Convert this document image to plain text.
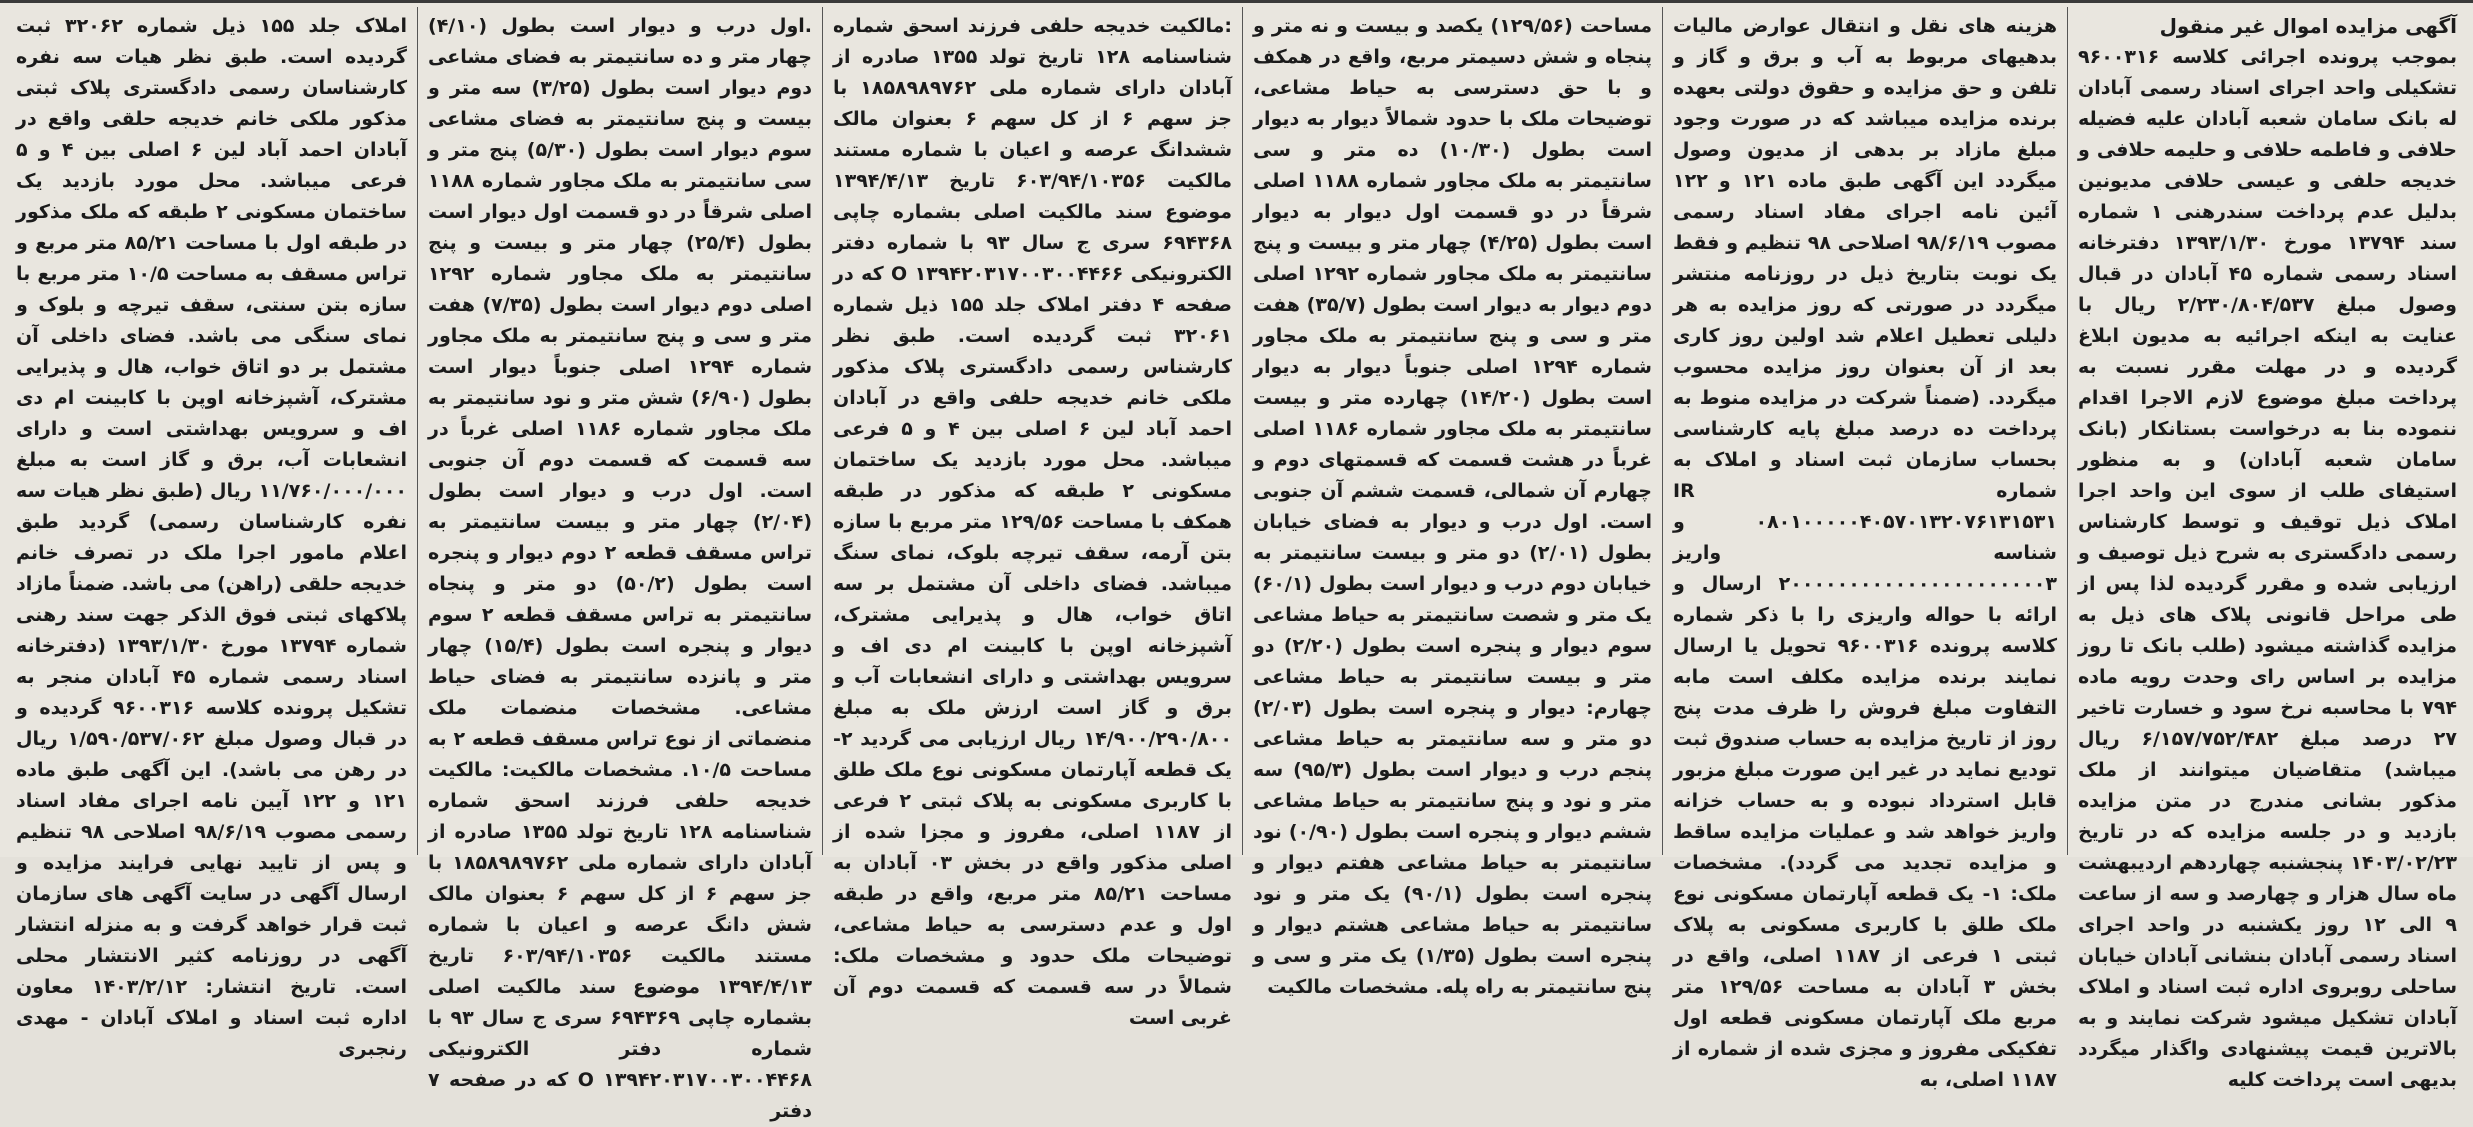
آگهی مزایده اموال غیر منقول
بموجب پرونده اجرائی کلاسه ۹۶۰۰۳۱۶ تشکیلی واحد اجرای اسناد رسمی آبادان له بانک سامان شعبه آبادان علیه فضیله حلافی و فاطمه حلافی و حلیمه حلافی و خدیجه حلفی و عیسی حلافی مدیونین بدلیل عدم پرداخت سندرهنی ۱ شماره سند ۱۳۷۹۴ مورخ ۱۳۹۳/۱/۳۰ دفترخانه اسناد رسمی شماره ۴۵ آبادان در قبال وصول مبلغ ۲/۲۳۰/۸۰۴/۵۳۷ ریال با عنایت به اینکه اجرائیه به مدیون ابلاغ گردیده و در مهلت مقرر نسبت به پرداخت مبلغ موضوع لازم الاجرا اقدام ننموده بنا به درخواست بستانکار (بانک سامان شعبه آبادان) و به منظور استیفای طلب از سوی این واحد اجرا املاک ذیل توقیف و توسط کارشناس رسمی دادگستری به شرح ذیل توصیف و ارزیابی شده و مقرر گردیده لذا پس از طی مراحل قانونی پلاک های ذیل به مزایده گذاشته میشود (طلب بانک تا روز مزایده بر اساس رای وحدت رویه ماده ۷۹۴ با محاسبه نرخ سود و خسارت تاخیر ۲۷ درصد مبلغ ۶/۱۵۷/۷۵۲/۴۸۲ ریال میباشد) متقاضیان میتوانند از ملک مذکور بشانی مندرج در متن مزایده بازدید و در جلسه مزایده که در تاریخ ۱۴۰۳/۰۲/۲۳ پنجشنبه چهاردهم اردیبهشت ماه سال هزار و چهارصد و سه از ساعت ۹ الی ۱۲ روز یکشنبه در واحد اجرای اسناد رسمی آبادان بنشانی آبادان خیابان ساحلی روبروی اداره ثبت اسناد و املاک آبادان تشکیل میشود شرکت نمایند و به بالاترین قیمت پیشنهادی واگذار میگردد بدیهی است پرداخت کلیه
هزینه های نقل و انتقال عوارض مالیات بدهیهای مربوط به آب و برق و گاز و تلفن و حق مزایده و حقوق دولتی بعهده برنده مزایده میباشد که در صورت وجود مبلغ مازاد بر بدهی از مدیون وصول میگردد این آگهی طبق ماده ۱۲۱ و ۱۲۲ آئین نامه اجرای مفاد اسناد رسمی مصوب ۹۸/۶/۱۹ اصلاحی ۹۸ تنظیم و فقط یک نوبت بتاریخ ذیل در روزنامه منتشر میگردد در صورتی که روز مزایده به هر دلیلی تعطیل اعلام شد اولین روز کاری بعد از آن بعنوان روز مزایده محسوب میگردد. (ضمناً شرکت در مزایده منوط به پرداخت ده درصد مبلغ پایه کارشناسی بحساب سازمان ثبت اسناد و املاک به شماره IR ۰۸۰۱۰۰۰۰۰۴۰۵۷۰۱۳۲۰۷۶۱۳۱۵۳۱ و شناسه واریز ۲۰۰۰۰۰۰۰۰۰۰۰۰۰۰۰۰۰۰۰۰۰۰۳ ارسال و ارائه با حواله واریزی را با ذکر شماره کلاسه پرونده ۹۶۰۰۳۱۶ تحویل یا ارسال نمایند برنده مزایده مکلف است مابه التفاوت مبلغ فروش را ظرف مدت پنج روز از تاریخ مزایده به حساب صندوق ثبت تودیع نماید در غیر این صورت مبلغ مزبور قابل استرداد نبوده و به حساب خزانه واریز خواهد شد و عملیات مزایده ساقط و مزایده تجدید می گردد). مشخصات ملک: ۱- یک قطعه آپارتمان مسکونی نوع ملک طلق با کاربری مسکونی به پلاک ثبتی ۱ فرعی از ۱۱۸۷ اصلی، واقع در بخش ۳ آبادان به مساحت ۱۲۹/۵۶ متر مربع ملک آپارتمان مسکونی قطعه اول تفکیکی مفروز و مجزی شده از شماره از ۱۱۸۷ اصلی، به
مساحت (۱۲۹/۵۶) یکصد و بیست و نه متر و پنجاه و شش دسیمتر مربع، واقع در همکف و با حق دسترسی به حیاط مشاعی، توضیحات ملک با حدود شمالاً دیوار به دیوار است بطول (۱۰/۳۰) ده متر و سی سانتیمتر به ملک مجاور شماره ۱۱۸۸ اصلی شرقاً در دو قسمت اول دیوار به دیوار است بطول (۴/۲۵) چهار متر و بیست و پنج سانتیمتر به ملک مجاور شماره ۱۲۹۲ اصلی دوم دیوار به دیوار است بطول (۳۵/۷) هفت متر و سی و پنج سانتیمتر به ملک مجاور شماره ۱۲۹۴ اصلی جنوباً دیوار به دیوار است بطول (۱۴/۲۰) چهارده متر و بیست سانتیمتر به ملک مجاور شماره ۱۱۸۶ اصلی غرباً در هشت قسمت که قسمتهای دوم و چهارم آن شمالی، قسمت ششم آن جنوبی است. اول درب و دیوار به فضای خیابان بطول (۲/۰۱) دو متر و بیست سانتیمتر به خیابان دوم درب و دیوار است بطول (۶۰/۱) یک متر و شصت سانتیمتر به حیاط مشاعی سوم دیوار و پنجره است بطول (۲/۲۰) دو متر و بیست سانتیمتر به حیاط مشاعی چهارم: دیوار و پنجره است بطول (۲/۰۳) دو متر و سه سانتیمتر به حیاط مشاعی پنجم درب و دیوار است بطول (۹۵/۳) سه متر و نود و پنج سانتیمتر به حیاط مشاعی ششم دیوار و پنجره است بطول (۰/۹۰) نود سانتیمتر به حیاط مشاعی هفتم دیوار و پنجره است بطول (۹۰/۱) یک متر و نود سانتیمتر به حیاط مشاعی هشتم دیوار و پنجره است بطول (۱/۳۵) یک متر و سی و پنج سانتیمتر به راه پله. مشخصات مالکیت
:مالکیت خدیجه حلفی فرزند اسحق شماره شناسنامه ۱۲۸ تاریخ تولد ۱۳۵۵ صادره از آبادان دارای شماره ملی ۱۸۵۸۹۸۹۷۶۲ با جز سهم ۶ از کل سهم ۶ بعنوان مالک ششدانگ عرصه و اعیان با شماره مستند مالکیت ۶۰۳/۹۴/۱۰۳۵۶ تاریخ ۱۳۹۴/۴/۱۳ موضوع سند مالکیت اصلی بشماره چاپی ۶۹۴۳۶۸ سری ج سال ۹۳ با شماره دفتر الکترونیکی ۱۳۹۴۲۰۳۱۷۰۰۳۰۰۴۴۶۶ O که در صفحه ۴ دفتر املاک جلد ۱۵۵ ذیل شماره ۳۲۰۶۱ ثبت گردیده است. طبق نظر کارشناس رسمی دادگستری پلاک مذکور ملکی خانم خدیجه حلفی واقع در آبادان احمد آباد لین ۶ اصلی بین ۴ و ۵ فرعی میباشد. محل مورد بازدید یک ساختمان مسکونی ۲ طبقه که مذکور در طبقه همکف با مساحت ۱۲۹/۵۶ متر مربع با سازه بتن آرمه، سقف تیرچه بلوک، نمای سنگ میباشد. فضای داخلی آن مشتمل بر سه اتاق خواب، هال و پذیرایی مشترک، آشپزخانه اوپن با کابینت ام دی اف و سرویس بهداشتی و دارای انشعابات آب و برق و گاز است ارزش ملک به مبلغ ۱۴/۹۰۰/۲۹۰/۸۰۰ ریال ارزیابی می گردید ۲- یک قطعه آپارتمان مسکونی نوع ملک طلق با کاربری مسکونی به پلاک ثبتی ۲ فرعی از ۱۱۸۷ اصلی، مفروز و مجزا شده از اصلی مذکور واقع در بخش ۰۳ آبادان به مساحت ۸۵/۲۱ متر مربع، واقع در طبقه اول و عدم دسترسی به حیاط مشاعی، توضیحات ملک حدود و مشخصات ملک: شمالاً در سه قسمت که قسمت دوم آن غربی است
.اول درب و دیوار است بطول (۴/۱۰) چهار متر و ده سانتیمتر به فضای مشاعی دوم دیوار است بطول (۳/۲۵) سه متر و بیست و پنج سانتیمتر به فضای مشاعی سوم دیوار است بطول (۵/۳۰) پنج متر و سی سانتیمتر به ملک مجاور شماره ۱۱۸۸ اصلی شرقاً در دو قسمت اول دیوار است بطول (۲۵/۴) چهار متر و بیست و پنج سانتیمتر به ملک مجاور شماره ۱۲۹۲ اصلی دوم دیوار است بطول (۷/۳۵) هفت متر و سی و پنج سانتیمتر به ملک مجاور شماره ۱۲۹۴ اصلی جنوباً دیوار است بطول (۶/۹۰) شش متر و نود سانتیمتر به ملک مجاور شماره ۱۱۸۶ اصلی غرباً در سه قسمت که قسمت دوم آن جنوبی است. اول درب و دیوار است بطول (۲/۰۴) چهار متر و بیست سانتیمتر به تراس مسقف قطعه ۲ دوم دیوار و پنجره است بطول (۵۰/۲) دو متر و پنجاه سانتیمتر به تراس مسقف قطعه ۲ سوم دیوار و پنجره است بطول (۱۵/۴) چهار متر و پانزده سانتیمتر به فضای حیاط مشاعی. مشخصات منضمات ملک منضماتی از نوع تراس مسقف قطعه ۲ به مساحت ۱۰/۵. مشخصات مالکیت: مالکیت خدیجه حلفی فرزند اسحق شماره شناسنامه ۱۲۸ تاریخ تولد ۱۳۵۵ صادره از آبادان دارای شماره ملی ۱۸۵۸۹۸۹۷۶۲ با جز سهم ۶ از کل سهم ۶ بعنوان مالک شش دانگ عرصه و اعیان با شماره مستند مالکیت ۶۰۳/۹۴/۱۰۳۵۶ تاریخ ۱۳۹۴/۴/۱۳ موضوع سند مالکیت اصلی بشماره چاپی ۶۹۴۳۶۹ سری ج سال ۹۳ با شماره دفتر الکترونیکی ۱۳۹۴۲۰۳۱۷۰۰۳۰۰۴۴۶۸ O که در صفحه ۷ دفتر
املاک جلد ۱۵۵ ذیل شماره ۳۲۰۶۲ ثبت گردیده است. طبق نظر هیات سه نفره کارشناسان رسمی دادگستری پلاک ثبتی مذکور ملکی خانم خدیجه حلقی واقع در آبادان احمد آباد لین ۶ اصلی بین ۴ و ۵ فرعی میباشد. محل مورد بازدید یک ساختمان مسکونی ۲ طبقه که ملک مذکور در طبقه اول با مساحت ۸۵/۲۱ متر مربع و تراس مسقف به مساحت ۱۰/۵ متر مربع با سازه بتن سنتی، سقف تیرچه و بلوک و نمای سنگی می باشد. فضای داخلی آن مشتمل بر دو اتاق خواب، هال و پذیرایی مشترک، آشپزخانه اوپن با کابینت ام دی اف و سرویس بهداشتی است و دارای انشعابات آب، برق و گاز است به مبلغ ۱۱/۷۶۰/۰۰۰/۰۰۰ ریال (طبق نظر هیات سه نفره کارشناسان رسمی) گردید طبق اعلام مامور اجرا ملک در تصرف خانم خدیجه حلقی (راهن) می باشد. ضمناً مازاد پلاکهای ثبتی فوق الذکر جهت سند رهنی شماره ۱۳۷۹۴ مورخ ۱۳۹۳/۱/۳۰ (دفترخانه اسناد رسمی شماره ۴۵ آبادان منجر به تشکیل پرونده کلاسه ۹۶۰۰۳۱۶ گردیده و در قبال وصول مبلغ ۱/۵۹۰/۵۳۷/۰۶۲ ریال در رهن می باشد). این آگهی طبق ماده ۱۲۱ و ۱۲۲ آیین نامه اجرای مفاد اسناد رسمی مصوب ۹۸/۶/۱۹ اصلاحی ۹۸ تنظیم و پس از تایید نهایی فرایند مزایده و ارسال آگهی در سایت آگهی های سازمان ثبت قرار خواهد گرفت و به منزله انتشار آگهی در روزنامه کثیر الانتشار محلی است. تاریخ انتشار: ۱۴۰۳/۲/۱۲ معاون اداره ثبت اسناد و املاک آبادان - مهدی رنجبری
